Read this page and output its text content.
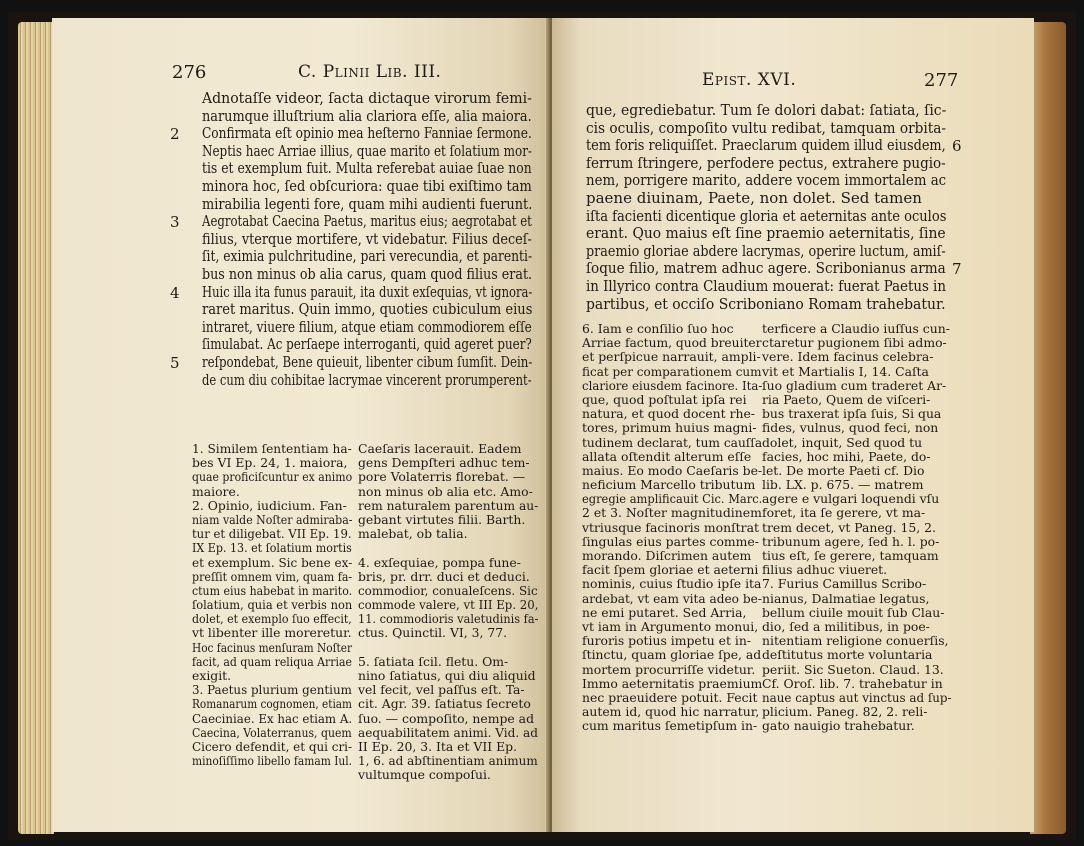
276	C. Plinii Lib. III.
Adnotaſſe videor, ſacta dictaque virorum femi-
narumque illuſtrium alia clariora eſſe, alia maiora.
Confirmata eſt opinio mea heſterno Fanniae ſermone.
Neptis haec Arriae illius, quae marito et ſolatium mor-
tis et exemplum fuit. Multa referebat auiae ſuae non
minora hoc, ſed obſcuriora: quae tibi exiſtimo tam
mirabilia legenti fore, quam mihi audienti fuerunt.
Aegrotabat Caecina Paetus, maritus eius; aegrotabat et
filius, vterque mortifere, vt videbatur. Filius deceſ-
ſit, eximia pulchritudine, pari verecundia, et parenti-
bus non minus ob alia carus, quam quod filius erat.
Huic illa ita funus parauit, ita duxit exſequias, vt ignora-
raret maritus. Quin immo, quoties cubiculum eius
intraret, viuere filium, atque etiam commodiorem eſſe
ſimulabat. Ac perſaepe interroganti, quid ageret puer?
reſpondebat, Bene quieuit, libenter cibum ſumſit. Dein-
de cum diu cohibitae lacrymae vincerent prorumperent-
2
3
4
5
1. Similem ſententiam ha-
bes VI Ep. 24, 1. maiora,
quae proficiſcuntur ex animo
maiore.
2. Opinio, iudicium. Fan-
niam valde Noſter admiraba-
tur et diligebat. VII Ep. 19.
IX Ep. 13. et ſolatium mortis
et exemplum. Sic bene ex-
preſſit omnem vim, quam fa-
ctum eius habebat in marito.
ſolatium, quia et verbis non
dolet, et exemplo ſuo effecit,
vt libenter ille moreretur.
Hoc facinus menſuram Noſter
facit, ad quam reliqua Arriae
exigit.
3. Paetus plurium gentium
Romanarum cognomen, etiam
Caeciniae. Ex hac etiam A.
Caecina, Volaterranus, quem
Cicero defendit, et qui cri-
minoſiſſimo libello famam Iul.
Caeſaris lacerauit. Eadem
gens Dempſteri adhuc tem-
pore Volaterris florebat. —
non minus ob alia etc. Amo-
rem naturalem parentum au-
gebant virtutes filii. Barth.
malebat, ob talia.
4. exſequiae, pompa fune-
bris, pr. drr. duci et deduci.
commodior, conualeſcens. Sic
commode valere, vt III Ep. 20,
11. commodioris valetudinis fa-
ctus. Quinctil. VI, 3, 77.
5. ſatiata ſcil. fletu. Om-
nino ſatiatus, qui diu aliquid
vel fecit, vel paſſus eſt. Ta-
cit. Agr. 39. ſatiatus ſecreto
ſuo. — compoſito, nempe ad
aequabilitatem animi. Vid. ad
II Ep. 20, 3. Ita et VII Ep.
1, 6. ad abſtinentiam animum
vultumque compoſui.
Epist. XVI.	277
que, egrediebatur. Tum ſe dolori dabat: ſatiata, ſic-
cis oculis, compoſito vultu redibat, tamquam orbita-
tem foris reliquiſſet. Praeclarum quidem illud eiusdem,
ferrum ſtringere, perfodere pectus, extrahere pugio-
nem, porrigere marito, addere vocem immortalem ac
paene diuinam, Paete, non dolet. Sed tamen
iſta facienti dicentique gloria et aeternitas ante oculos
erant. Quo maius eſt ſine praemio aeternitatis, ſine
praemio gloriae abdere lacrymas, operire luctum, amiſ-
ſoque filio, matrem adhuc agere. Scribonianus arma
in Illyrico contra Claudium mouerat: fuerat Paetus in
partibus, et occiſo Scriboniano Romam trahebatur.
6
7
6. Iam e conſilio ſuo hoc
Arriae factum, quod breuiter
et perſpicue narrauit, ampli-
ficat per comparationem cum
clariore eiusdem facinore. Ita-
que, quod poſtulat ipſa rei
natura, et quod docent rhe-
tores, primum huius magni-
tudinem declarat, tum cauſſa
allata oſtendit alterum eſſe
maius. Eo modo Caeſaris be-
neficium Marcello tributum
egregie amplificauit Cic. Marc.
2 et 3. Noſter magnitudinem
vtriusque facinoris monſtrat
ſingulas eius partes comme-
morando. Diſcrimen autem
facit ſpem gloriae et aeterni
nominis, cuius ſtudio ipſe ita
ardebat, vt eam vita adeo be-
ne emi putaret. Sed Arria,
vt iam in Argumento monui,
furoris potius impetu et in-
ſtinctu, quam gloriae ſpe, ad
mortem procurriſſe videtur.
Immo aeternitatis praemium
nec praeuidere potuit. Fecit
autem id, quod hic narratur,
cum maritus ſemetipſum in-
terficere a Claudio iuſſus cun-
ctaretur pugionem ſibi admo-
vere. Idem facinus celebra-
vit et Martialis I, 14. Caſta
ſuo gladium cum traderet Ar-
ria Paeto, Quem de viſceri-
bus traxerat ipſa ſuis, Si qua
fides, vulnus, quod feci, non
dolet, inquit, Sed quod tu
facies, hoc mihi, Paete, do-
let. De morte Paeti cf. Dio
lib. LX. p. 675. — matrem
agere e vulgari loquendi vſu
foret, ita ſe gerere, vt ma-
trem decet, vt Paneg. 15, 2.
tribunum agere, ſed h. l. po-
tius eſt, ſe gerere, tamquam
filius adhuc viueret.
7. Furius Camillus Scribo-
nianus, Dalmatiae legatus,
bellum ciuile mouit ſub Clau-
dio, ſed a militibus, in poe-
nitentiam religione conuerſis,
deſtitutus morte voluntaria
periit. Sic Sueton. Claud. 13.
Cf. Oroſ. lib. 7. trahebatur in
naue captus aut vinctus ad ſup-
plicium. Paneg. 82, 2. reli-
gato nauigio trahebatur.
